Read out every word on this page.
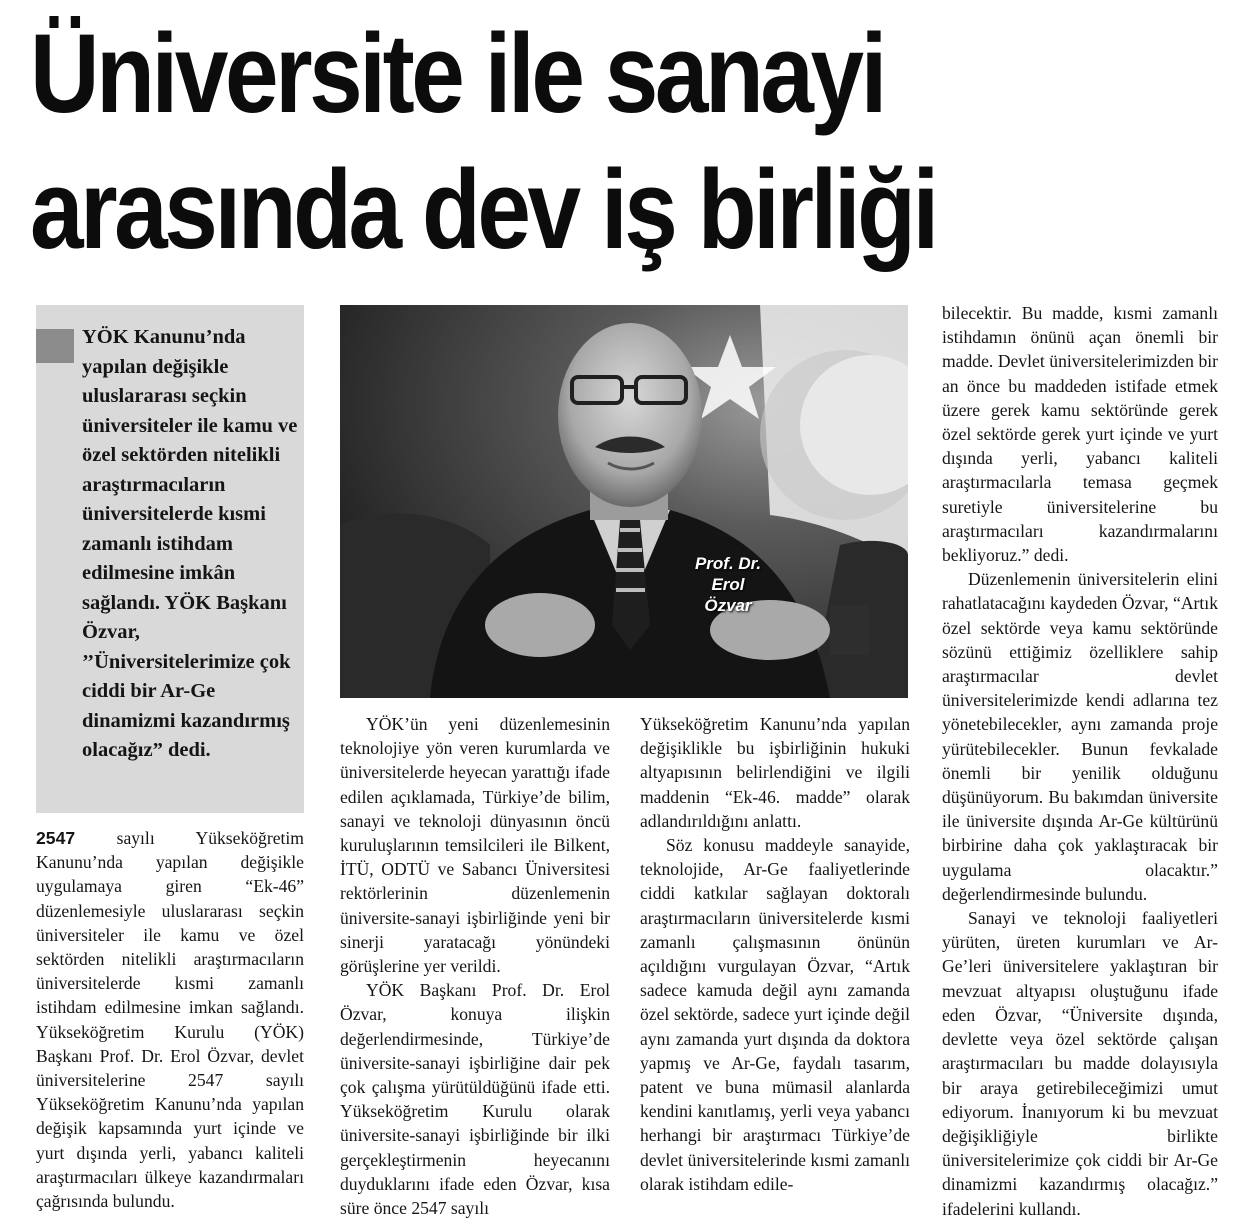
Üniversite ile sanayi
arasında dev iş birliği
YÖK Kanunu’nda yapılan değişikle uluslararası seçkin üniversiteler ile kamu ve özel sektörden nitelikli araştırmacıların üniversitelerde kısmi zamanlı istihdam edilmesine imkân sağlandı. YÖK Başkanı Özvar, ’’Üniversitelerimize çok ciddi bir Ar-Ge dinamizmi kazandırmış olacağız” dedi.
Prof. Dr. Erol Özvar

2547 sayılı Yükseköğretim Kanunu’nda yapılan değişikle uygulamaya giren “Ek-46” düzenlemesiyle uluslararası seçkin üniversiteler ile kamu ve özel sektörden nitelikli araştırmacıların üniversitelerde kısmi zamanlı istihdam edilmesine imkan sağlandı. Yükseköğretim Kurulu (YÖK) Başkanı Prof. Dr. Erol Özvar, devlet üniversitelerine 2547 sayılı Yükseköğretim Kanunu’nda yapılan değişik kapsamında yurt içinde ve yurt dışında yerli, yabancı kaliteli araştırmacıları ülkeye kazandırmaları çağrısında bulundu.

YÖK’ün yeni düzenlemesinin teknolojiye yön veren kurumlarda ve üniversitelerde heyecan yarattığı ifade edilen açıklamada, Türkiye’de bilim, sanayi ve teknoloji dünyasının öncü kuruluşlarının temsilcileri ile Bilkent, İTÜ, ODTÜ ve Sabancı Üniversitesi rektörlerinin düzenlemenin üniversite-sanayi işbirliğinde yeni bir sinerji yaratacağı yönündeki görüşlerine yer verildi.

YÖK Başkanı Prof. Dr. Erol Özvar, konuya ilişkin değerlendirmesinde, Türkiye’de üniversite-sanayi işbirliğine dair pek çok çalışma yürütüldüğünü ifade etti. Yükseköğretim Kurulu olarak üniversite-sanayi işbirliğinde bir ilki gerçekleştirmenin heyecanını duyduklarını ifade eden Özvar, kısa süre önce 2547 sayılı

Yükseköğretim Kanunu’nda yapılan değişiklikle bu işbirliğinin hukuki altyapısının belirlendiğini ve ilgili maddenin “Ek-46. madde” olarak adlandırıldığını anlattı.

Söz konusu maddeyle sanayide, teknolojide, Ar-Ge faaliyetlerinde ciddi katkılar sağlayan doktoralı araştırmacıların üniversitelerde kısmi zamanlı çalışmasının önünün açıldığını vurgulayan Özvar, “Artık sadece kamuda değil aynı zamanda özel sektörde, sadece yurt içinde değil aynı zamanda yurt dışında da doktora yapmış ve Ar-Ge, faydalı tasarım, patent ve buna mümasil alanlarda kendini kanıtlamış, yerli veya yabancı herhangi bir araştırmacı Türkiye’de devlet üniversitelerinde kısmi zamanlı olarak istihdam edile-

bilecektir. Bu madde, kısmi zamanlı istihdamın önünü açan önemli bir madde. Devlet üniversitelerimizden bir an önce bu maddeden istifade etmek üzere gerek kamu sektöründe gerek özel sektörde gerek yurt içinde ve yurt dışında yerli, yabancı kaliteli araştırmacılarla temasa geçmek suretiyle üniversitelerine bu araştırmacıları kazandırmalarını bekliyoruz.” dedi.

Düzenlemenin üniversitelerin elini rahatlatacağını kaydeden Özvar, “Artık özel sektörde veya kamu sektöründe sözünü ettiğimiz özelliklere sahip araştırmacılar devlet üniversitelerimizde kendi adlarına tez yönetebilecekler, aynı zamanda proje yürütebilecekler. Bunun fevkalade önemli bir yenilik olduğunu düşünüyorum. Bu bakımdan üniversite ile üniversite dışında Ar-Ge kültürünü birbirine daha çok yaklaştıracak bir uygulama olacaktır.” değerlendirmesinde bulundu.

Sanayi ve teknoloji faaliyetleri yürüten, üreten kurumları ve Ar-Ge’leri üniversitelere yaklaştıran bir mevzuat altyapısı oluştuğunu ifade eden Özvar, “Üniversite dışında, devlette veya özel sektörde çalışan araştırmacıları bu madde dolayısıyla bir araya getirebileceğimizi umut ediyorum. İnanıyorum ki bu mevzuat değişikliğiyle birlikte üniversitelerimize çok ciddi bir Ar-Ge dinamizmi kazandırmış olacağız.” ifadelerini kullandı.
